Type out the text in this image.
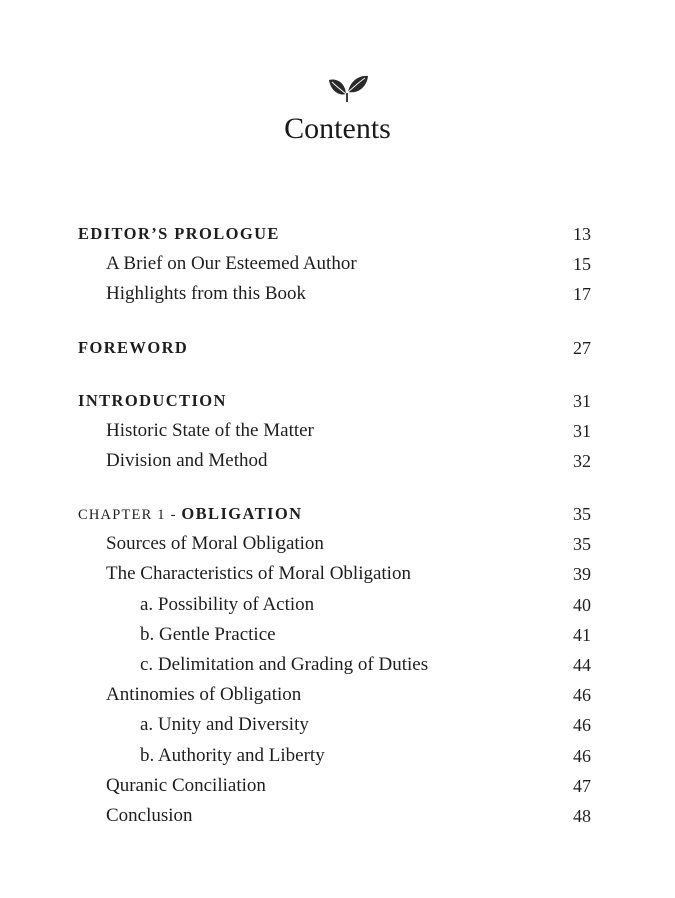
Contents
EDITOR’S PROLOGUE	13
A Brief on Our Esteemed Author	15
Highlights from this Book	17
FOREWORD	27
INTRODUCTION	31
Historic State of the Matter	31
Division and Method	32
CHAPTER 1 - OBLIGATION	35
Sources of Moral Obligation	35
The Characteristics of Moral Obligation	39
a. Possibility of Action	40
b. Gentle Practice	41
c. Delimitation and Grading of Duties	44
Antinomies of Obligation	46
a. Unity and Diversity	46
b. Authority and Liberty	46
Quranic Conciliation	47
Conclusion	48
